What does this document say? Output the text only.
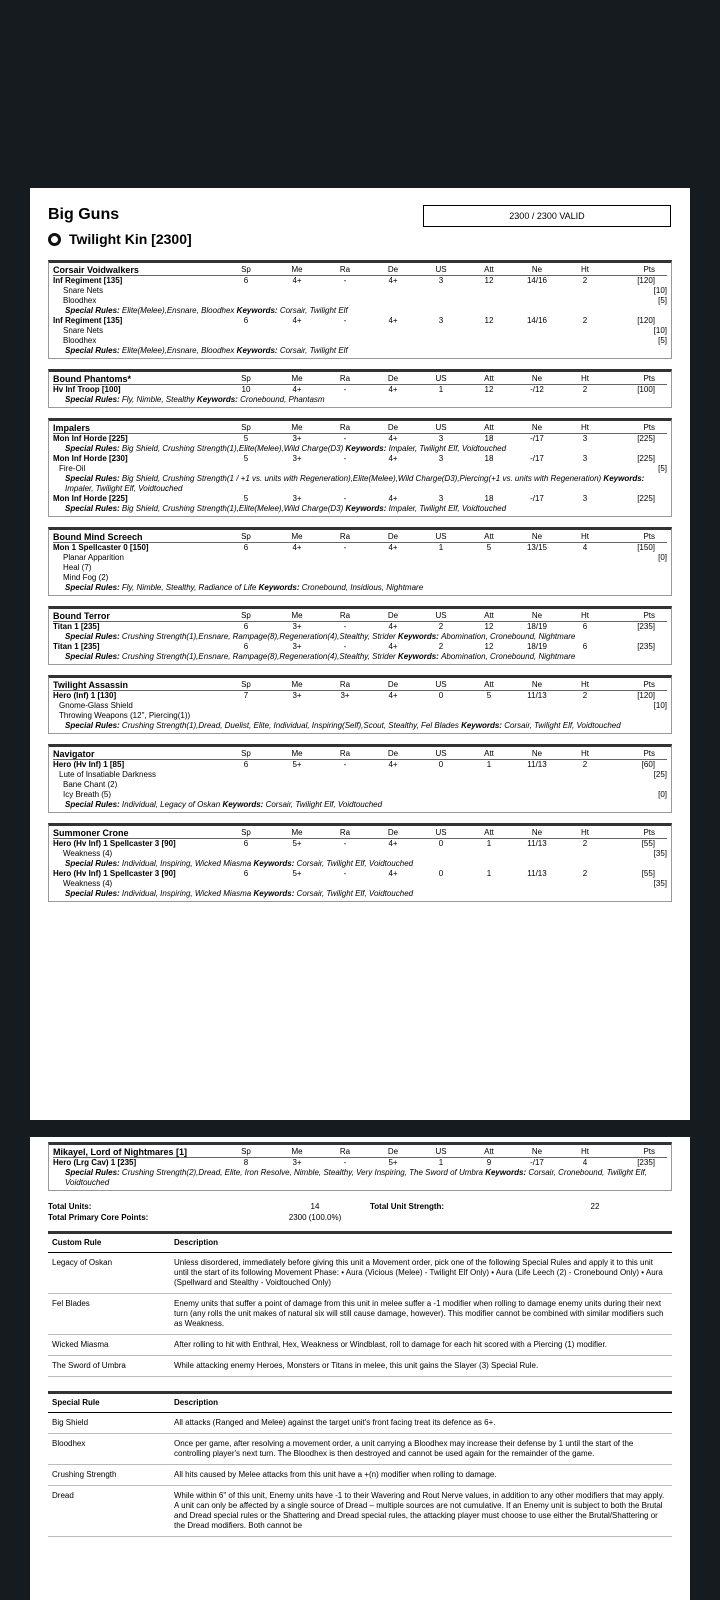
Big Guns
Twilight Kin [2300]
2300 / 2300 VALID
Corsair Voidwalkers	Sp	Me	Ra	De	US	Att	Ne	Ht	Pts
Inf Regiment [135]	6	4+	-	4+	3	12	14/16	2	[120]
Snare Nets	[10]
Bloodhex	[5]
Special Rules: Elite(Melee),Ensnare, Bloodhex Keywords: Corsair, Twilight Elf
Inf Regiment [135]	6	4+	-	4+	3	12	14/16	2	[120]
Snare Nets	[10]
Bloodhex	[5]
Special Rules: Elite(Melee),Ensnare, Bloodhex Keywords: Corsair, Twilight Elf
Bound Phantoms*	Sp	Me	Ra	De	US	Att	Ne	Ht	Pts
Hv Inf Troop [100]	10	4+	-	4+	1	12	-/12	2	[100]
Special Rules: Fly, Nimble, Stealthy Keywords: Cronebound, Phantasm
Impalers	Sp	Me	Ra	De	US	Att	Ne	Ht	Pts
Mon Inf Horde [225]	5	3+	-	4+	3	18	-/17	3	[225]
Special Rules: Big Shield, Crushing Strength(1),Elite(Melee),Wild Charge(D3) Keywords: Impaler, Twilight Elf, Voidtouched
Mon Inf Horde [230]	5	3+	-	4+	3	18	-/17	3	[225]
Fire-Oil	[5]
Special Rules: Big Shield, Crushing Strength(1 / +1 vs. units with Regeneration),Elite(Melee),Wild Charge(D3),Piercing(+1 vs. units with Regeneration) Keywords: Impaler, Twilight Elf, Voidtouched
Mon Inf Horde [225]	5	3+	-	4+	3	18	-/17	3	[225]
Special Rules: Big Shield, Crushing Strength(1),Elite(Melee),Wild Charge(D3) Keywords: Impaler, Twilight Elf, Voidtouched
Bound Mind Screech	Sp	Me	Ra	De	US	Att	Ne	Ht	Pts
Mon 1 Spellcaster 0 [150]	6	4+	-	4+	1	5	13/15	4	[150]
Planar Apparition	[0]
Heal (7)
Mind Fog (2)
Special Rules: Fly, Nimble, Stealthy, Radiance of Life Keywords: Cronebound, Insidious, Nightmare
Bound Terror	Sp	Me	Ra	De	US	Att	Ne	Ht	Pts
Titan 1 [235]	6	3+	-	4+	2	12	18/19	6	[235]
Special Rules: Crushing Strength(1),Ensnare, Rampage(8),Regeneration(4),Stealthy, Strider Keywords: Abomination, Cronebound, Nightmare
Titan 1 [235]	6	3+	-	4+	2	12	18/19	6	[235]
Special Rules: Crushing Strength(1),Ensnare, Rampage(8),Regeneration(4),Stealthy, Strider Keywords: Abomination, Cronebound, Nightmare
Twilight Assassin	Sp	Me	Ra	De	US	Att	Ne	Ht	Pts
Hero (Inf) 1 [130]	7	3+	3+	4+	0	5	11/13	2	[120]
Gnome-Glass Shield	[10]
Throwing Weapons (12", Piercing(1))
Special Rules: Crushing Strength(1),Dread, Duelist, Elite, Individual, Inspiring(Self),Scout, Stealthy, Fel Blades Keywords: Corsair, Twilight Elf, Voidtouched
Navigator	Sp	Me	Ra	De	US	Att	Ne	Ht	Pts
Hero (Hv Inf) 1 [85]	6	5+	-	4+	0	1	11/13	2	[60]
Lute of Insatiable Darkness	[25]
Bane Chant (2)
Icy Breath (5)	[0]
Special Rules: Individual, Legacy of Oskan Keywords: Corsair, Twilight Elf, Voidtouched
Summoner Crone	Sp	Me	Ra	De	US	Att	Ne	Ht	Pts
Hero (Hv Inf) 1 Spellcaster 3 [90]	6	5+	-	4+	0	1	11/13	2	[55]
Weakness (4)	[35]
Special Rules: Individual, Inspiring, Wicked Miasma Keywords: Corsair, Twilight Elf, Voidtouched
Hero (Hv Inf) 1 Spellcaster 3 [90]	6	5+	-	4+	0	1	11/13	2	[55]
Weakness (4)	[35]
Special Rules: Individual, Inspiring, Wicked Miasma Keywords: Corsair, Twilight Elf, Voidtouched
Mikayel, Lord of Nightmares [1]	Sp	Me	Ra	De	US	Att	Ne	Ht	Pts
Hero (Lrg Cav) 1 [235]	8	3+	-	5+	1	9	-/17	4	[235]
Special Rules: Crushing Strength(2),Dread, Elite, Iron Resolve, Nimble, Stealthy, Very Inspiring, The Sword of Umbra Keywords: Corsair, Cronebound, Twilight Elf, Voidtouched
Total Units:	14	Total Unit Strength:	22
Total Primary Core Points:	2300 (100.0%)
Custom Rule	Description
Legacy of Oskan	Unless disordered, immediately before giving this unit a Movement order, pick one of the following Special Rules and apply it to this unit until the start of its following Movement Phase: • Aura (Vicious (Melee) - Twilight Elf Only) • Aura (Life Leech (2) - Cronebound Only) • Aura (Spellward and Stealthy - Voidtouched Only)
Fel Blades	Enemy units that suffer a point of damage from this unit in melee suffer a -1 modifier when rolling to damage enemy units during their next turn (any rolls the unit makes of natural six will still cause damage, however). This modifier cannot be combined with similar modifiers such as Weakness.
Wicked Miasma	After rolling to hit with Enthral, Hex, Weakness or Windblast, roll to damage for each hit scored with a Piercing (1) modifier.
The Sword of Umbra	While attacking enemy Heroes, Monsters or Titans in melee, this unit gains the Slayer (3) Special Rule.
Special Rule	Description
Big Shield	All attacks (Ranged and Melee) against the target unit's front facing treat its defence as 6+.
Bloodhex	Once per game, after resolving a movement order, a unit carrying a Bloodhex may increase their defense by 1 until the start of the controlling player's next turn. The Bloodhex is then destroyed and cannot be used again for the remainder of the game.
Crushing Strength	All hits caused by Melee attacks from this unit have a +(n) modifier when rolling to damage.
Dread	While within 6" of this unit, Enemy units have -1 to their Wavering and Rout Nerve values, in addition to any other modifiers that may apply. A unit can only be affected by a single source of Dread – multiple sources are not cumulative. If an Enemy unit is subject to both the Brutal and Dread special rules or the Shattering and Dread special rules, the attacking player must choose to use either the Brutal/Shattering or the Dread modifiers. Both cannot be
